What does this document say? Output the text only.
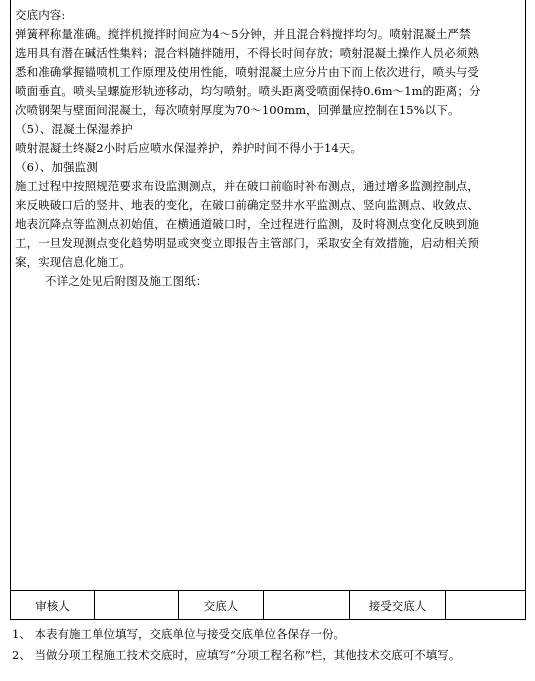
交底内容:

弹簧秤称量准确。搅拌机搅拌时间应为4～5分钟，并且混合料搅拌均匀。喷射混凝土严禁

选用具有潜在碱活性集料；混合料随拌随用，不得长时间存放；喷射混凝土操作人员必须熟

悉和准确掌握锚喷机工作原理及使用性能，喷射混凝土应分片由下而上依次进行，喷头与受

喷面垂直。喷头呈螺旋形轨迹移动，均匀喷射。喷头距离受喷面保持0.6m～1m的距离；分

次喷钢架与壁面间混凝土，每次喷射厚度为70～100mm，回弹量应控制在15%以下。

（5）、混凝土保湿养护

喷射混凝土终凝2小时后应喷水保湿养护，养护时间不得小于14天。

（6）、加强监测

施工过程中按照规范要求布设监测测点，并在破口前临时补布测点，通过增多监测控制点，

来反映破口后的竖井、地表的变化，在破口前确定竖井水平监测点、竖向监测点、收敛点、

地表沉降点等监测点初始值，在横通道破口时，全过程进行监测，及时将测点变化反映到施

工，一旦发现测点变化趋势明显或突变立即报告主管部门，采取安全有效措施，启动相关预

案，实现信息化施工。

不详之处见后附图及施工图纸：

审核人	交底人	接受交底人

1、 本表有施工单位填写，交底单位与接受交底单位各保存一份。

2、 当做分项工程施工技术交底时，应填写“分项工程名称”栏，其他技术交底可不填写。
